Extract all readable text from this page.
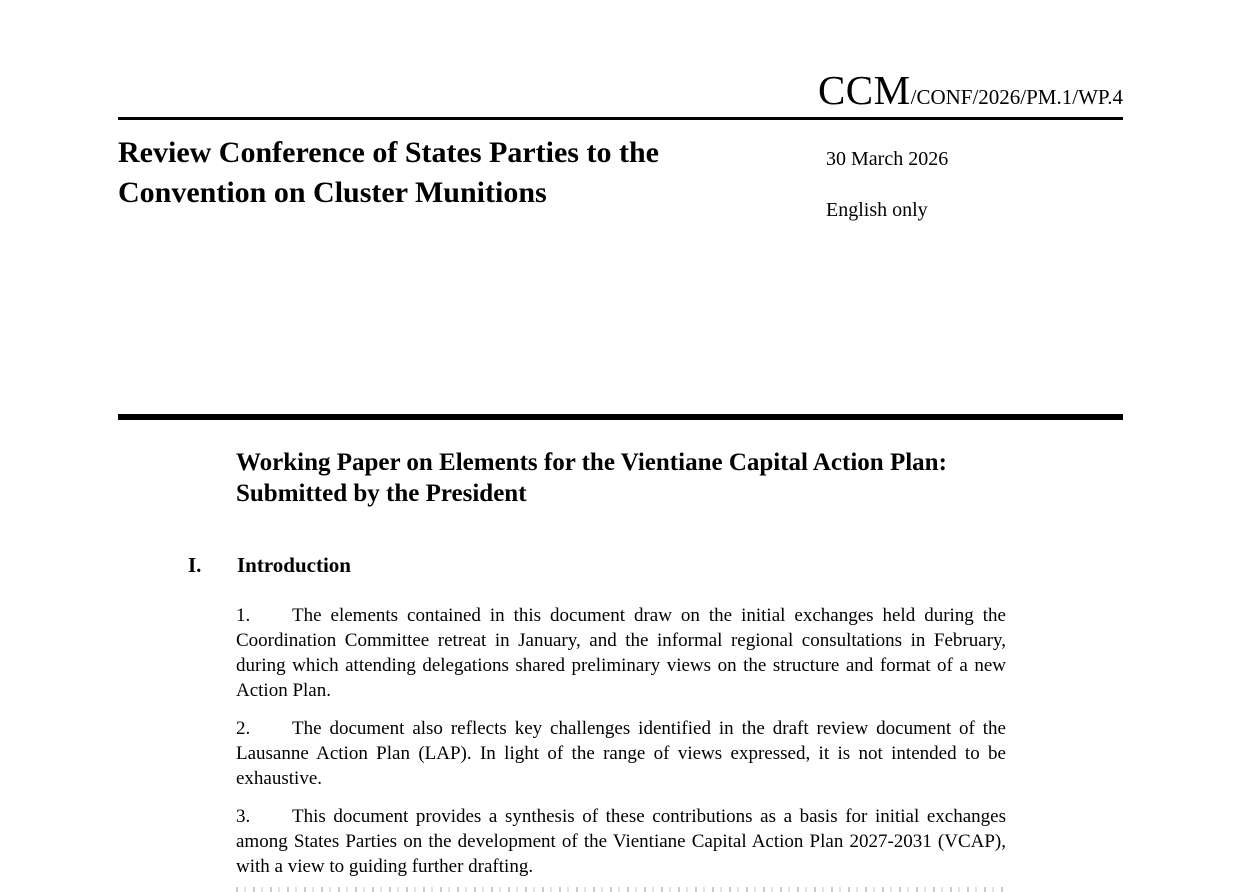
CCM/CONF/2026/PM.1/WP.4
Review Conference of States Parties to the Convention on Cluster Munitions
30 March 2026
English only
Working Paper on Elements for the Vientiane Capital Action Plan: Submitted by the President
I. Introduction

1. The elements contained in this document draw on the initial exchanges held during the Coordination Committee retreat in January, and the informal regional consultations in February, during which attending delegations shared preliminary views on the structure and format of a new Action Plan.

2. The document also reflects key challenges identified in the draft review document of the Lausanne Action Plan (LAP). In light of the range of views expressed, it is not intended to be exhaustive.

3. This document provides a synthesis of these contributions as a basis for initial exchanges among States Parties on the development of the Vientiane Capital Action Plan 2027-2031 (VCAP), with a view to guiding further drafting.
